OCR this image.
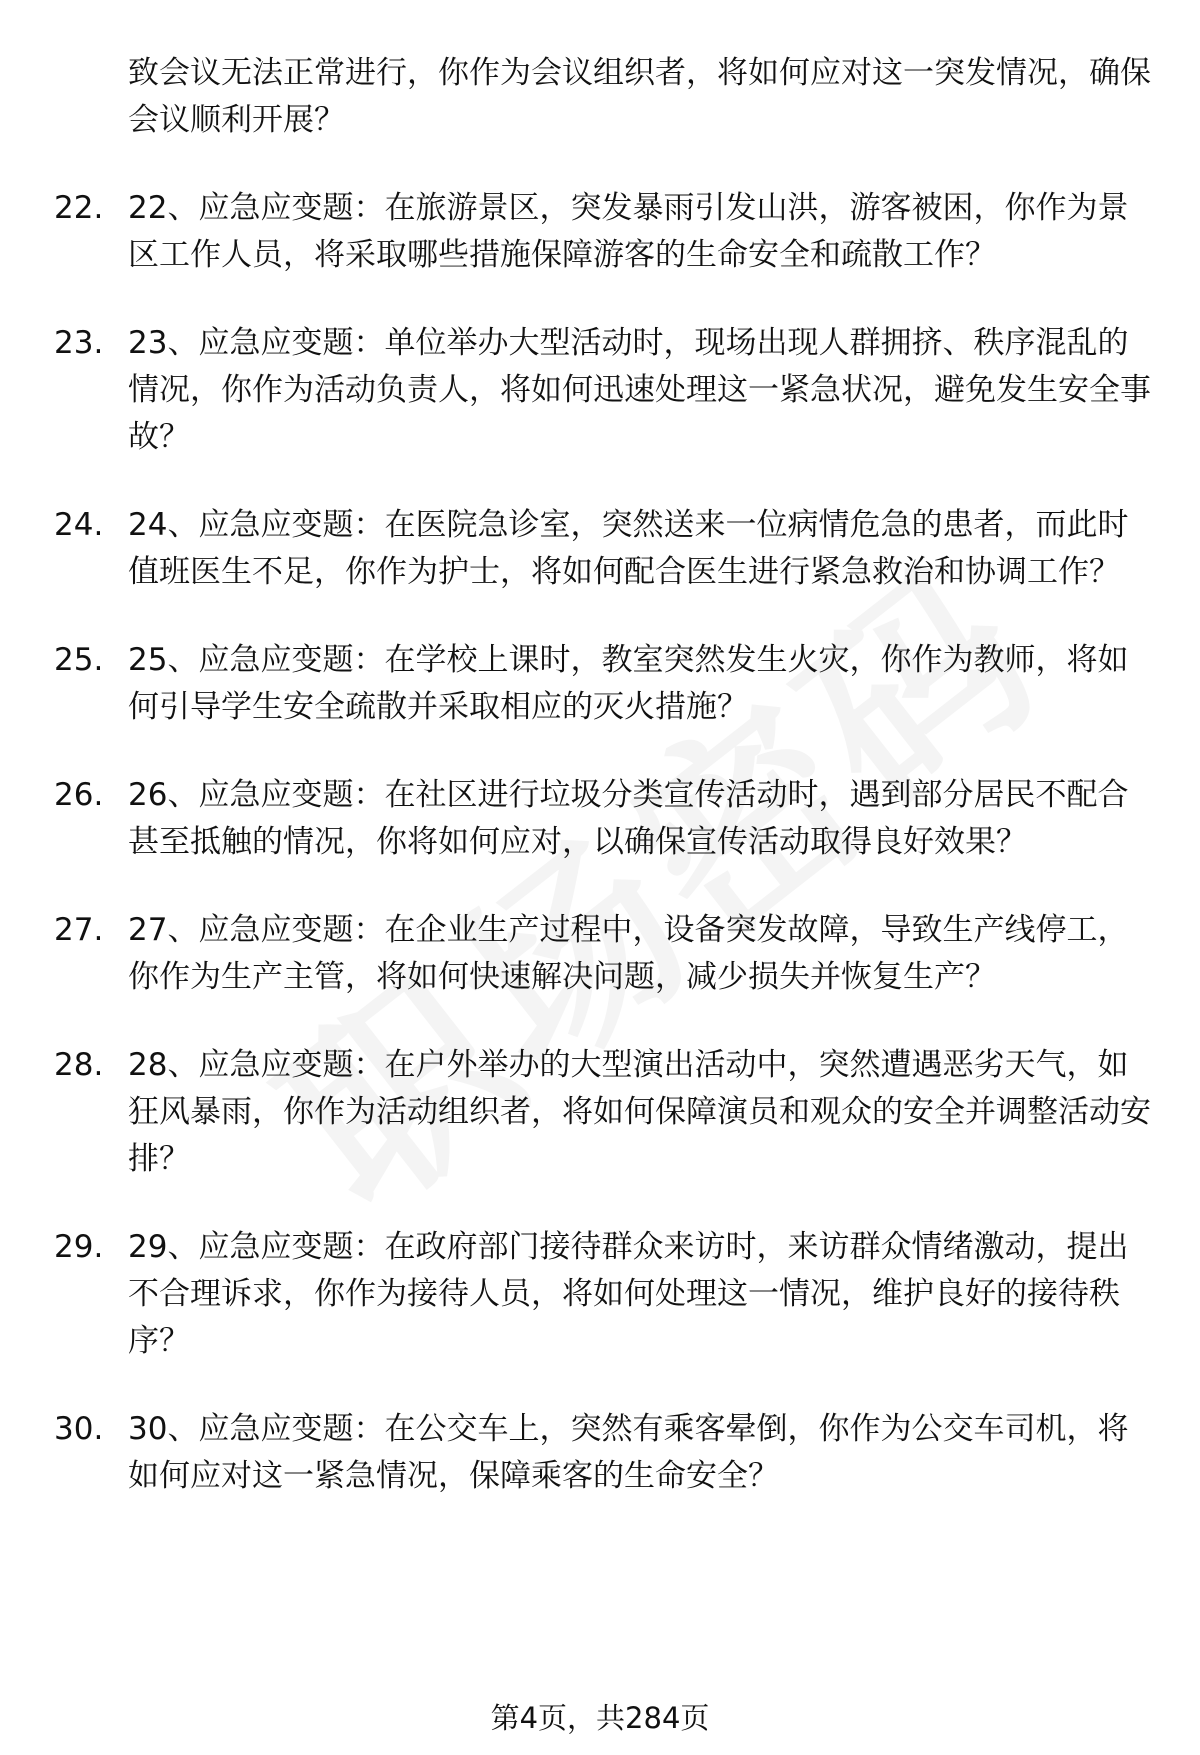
致会议无法正常进行，你作为会议组织者，将如何应对这一突发情况，确保会议顺利开展？
22. 22、应急应变题：在旅游景区，突发暴雨引发山洪，游客被困，你作为景区工作人员，将采取哪些措施保障游客的生命安全和疏散工作？
23. 23、应急应变题：单位举办大型活动时，现场出现人群拥挤、秩序混乱的情况，你作为活动负责人，将如何迅速处理这一紧急状况，避免发生安全事故？
24. 24、应急应变题：在医院急诊室，突然送来一位病情危急的患者，而此时值班医生不足，你作为护士，将如何配合医生进行紧急救治和协调工作？
25. 25、应急应变题：在学校上课时，教室突然发生火灾，你作为教师，将如何引导学生安全疏散并采取相应的灭火措施？
26. 26、应急应变题：在社区进行垃圾分类宣传活动时，遇到部分居民不配合甚至抵触的情况，你将如何应对，以确保宣传活动取得良好效果？
27. 27、应急应变题：在企业生产过程中，设备突发故障，导致生产线停工，你作为生产主管，将如何快速解决问题，减少损失并恢复生产？
28. 28、应急应变题：在户外举办的大型演出活动中，突然遭遇恶劣天气，如狂风暴雨，你作为活动组织者，将如何保障演员和观众的安全并调整活动安排？
29. 29、应急应变题：在政府部门接待群众来访时，来访群众情绪激动，提出不合理诉求，你作为接待人员，将如何处理这一情况，维护良好的接待秩序？
30. 30、应急应变题：在公交车上，突然有乘客晕倒，你作为公交车司机，将如何应对这一紧急情况，保障乘客的生命安全？
第4页，共284页
